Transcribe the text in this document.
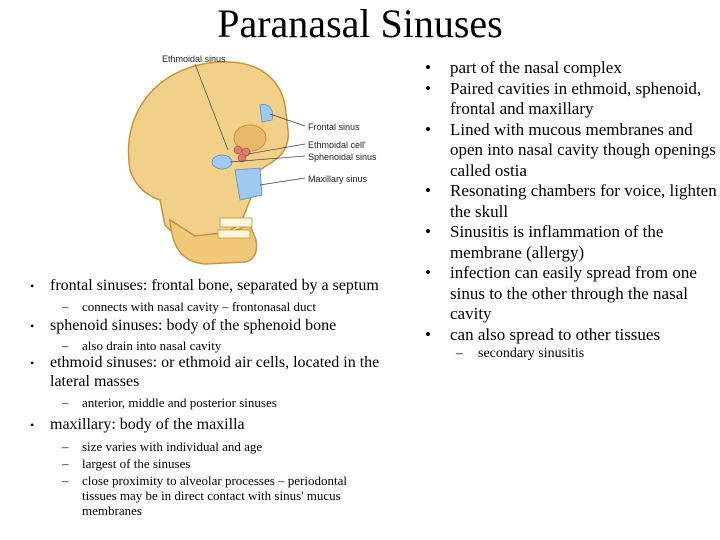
Paranasal Sinuses
Ethmoidal sinus
Frontal sinus
Ethmoidal cell'
Sphenoidal sinus
Maxillary sinus
• part of the nasal complex
• Paired cavities in ethmoid, sphenoid, frontal and maxillary
• Lined with mucous membranes and open into nasal cavity though openings called ostia
• Resonating chambers for voice, lighten the skull
• Sinusitis is inflammation of the membrane (allergy)
• infection can easily spread from one sinus to the other through the nasal cavity
• can also spread to other tissues
– secondary sinusitis
• frontal sinuses: frontal bone, separated by a septum
– connects with nasal cavity – frontonasal duct
• sphenoid sinuses: body of the sphenoid bone
– also drain into nasal cavity
• ethmoid sinuses: or ethmoid air cells, located in the lateral masses
– anterior, middle and posterior sinuses
• maxillary: body of the maxilla
– size varies with individual and age
– largest of the sinuses
– close proximity to alveolar processes – periodontal tissues may be in direct contact with sinus' mucus membranes
